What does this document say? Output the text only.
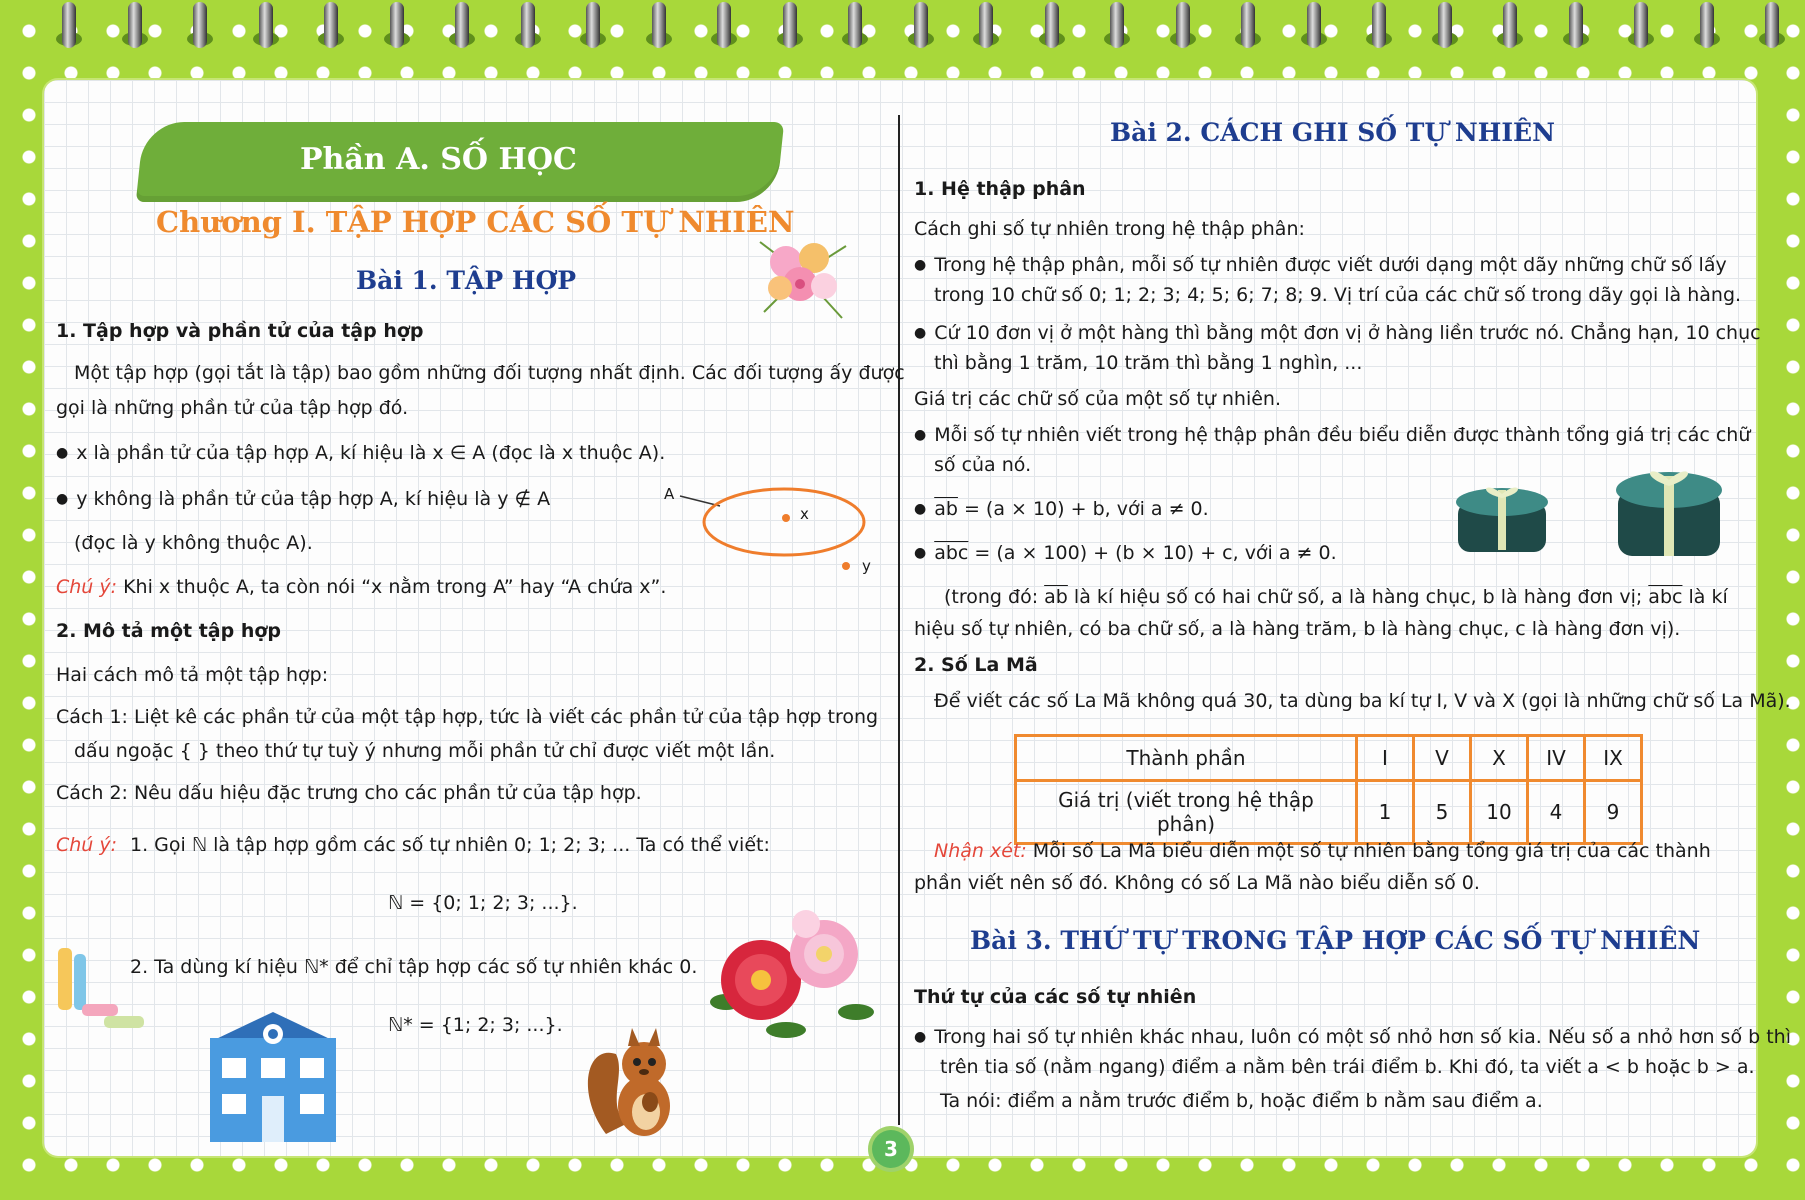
Phần A. SỐ HỌC
Chương I. TẬP HỢP CÁC SỐ TỰ NHIÊN
Bài 1. TẬP HỢP
1. Tập hợp và phần tử của tập hợp
Một tập hợp (gọi tắt là tập) bao gồm những đối tượng nhất định. Các đối tượng ấy được
gọi là những phần tử của tập hợp đó.
● x là phần tử của tập hợp A, kí hiệu là x ∈ A (đọc là x thuộc A).
● y không là phần tử của tập hợp A, kí hiệu là y ∉ A
(đọc là y không thuộc A).
A
x
y
Chú ý: Khi x thuộc A, ta còn nói “x nằm trong A” hay “A chứa x”.
2. Mô tả một tập hợp
Hai cách mô tả một tập hợp:
Cách 1: Liệt kê các phần tử của một tập hợp, tức là viết các phần tử của tập hợp trong
dấu ngoặc { } theo thứ tự tuỳ ý nhưng mỗi phần tử chỉ được viết một lần.
Cách 2: Nêu dấu hiệu đặc trưng cho các phần tử của tập hợp.
Chú ý: 1. Gọi ℕ là tập hợp gồm các số tự nhiên 0; 1; 2; 3; ... Ta có thể viết:
ℕ = {0; 1; 2; 3; ...}.
2. Ta dùng kí hiệu ℕ* để chỉ tập hợp các số tự nhiên khác 0.
ℕ* = {1; 2; 3; ...}.
Bài 2. CÁCH GHI SỐ TỰ NHIÊN
1. Hệ thập phân
Cách ghi số tự nhiên trong hệ thập phân:
● Trong hệ thập phân, mỗi số tự nhiên được viết dưới dạng một dãy những chữ số lấy
trong 10 chữ số 0; 1; 2; 3; 4; 5; 6; 7; 8; 9. Vị trí của các chữ số trong dãy gọi là hàng.
● Cứ 10 đơn vị ở một hàng thì bằng một đơn vị ở hàng liền trước nó. Chẳng hạn, 10 chục
thì bằng 1 trăm, 10 trăm thì bằng 1 nghìn, ...
Giá trị các chữ số của một số tự nhiên.
● Mỗi số tự nhiên viết trong hệ thập phân đều biểu diễn được thành tổng giá trị các chữ
số của nó.
● $\overline{ab} = (a \times 10) + b$, với a ≠ 0.
● $\overline{abc} = (a \times 100) + (b \times 10) + c$, với a ≠ 0.
(trong đó: $\overline{ab}$ là kí hiệu số có hai chữ số, a là hàng chục, b là hàng đơn vị; $\overline{abc}$ là kí
hiệu số tự nhiên, có ba chữ số, a là hàng trăm, b là hàng chục, c là hàng đơn vị).
2. Số La Mã
Để viết các số La Mã không quá 30, ta dùng ba kí tự I, V và X (gọi là những chữ số La Mã).
Thành phần	I	V	X	IV	IX
Giá trị (viết trong hệ thập phân)	1	5	10	4	9
Nhận xét: Mỗi số La Mã biểu diễn một số tự nhiên bằng tổng giá trị của các thành
phần viết nên số đó. Không có số La Mã nào biểu diễn số 0.
Bài 3. THỨ TỰ TRONG TẬP HỢP CÁC SỐ TỰ NHIÊN
Thứ tự của các số tự nhiên
● Trong hai số tự nhiên khác nhau, luôn có một số nhỏ hơn số kia. Nếu số a nhỏ hơn số b thì
trên tia số (nằm ngang) điểm a nằm bên trái điểm b. Khi đó, ta viết a < b hoặc b > a.
Ta nói: điểm a nằm trước điểm b, hoặc điểm b nằm sau điểm a.
3
